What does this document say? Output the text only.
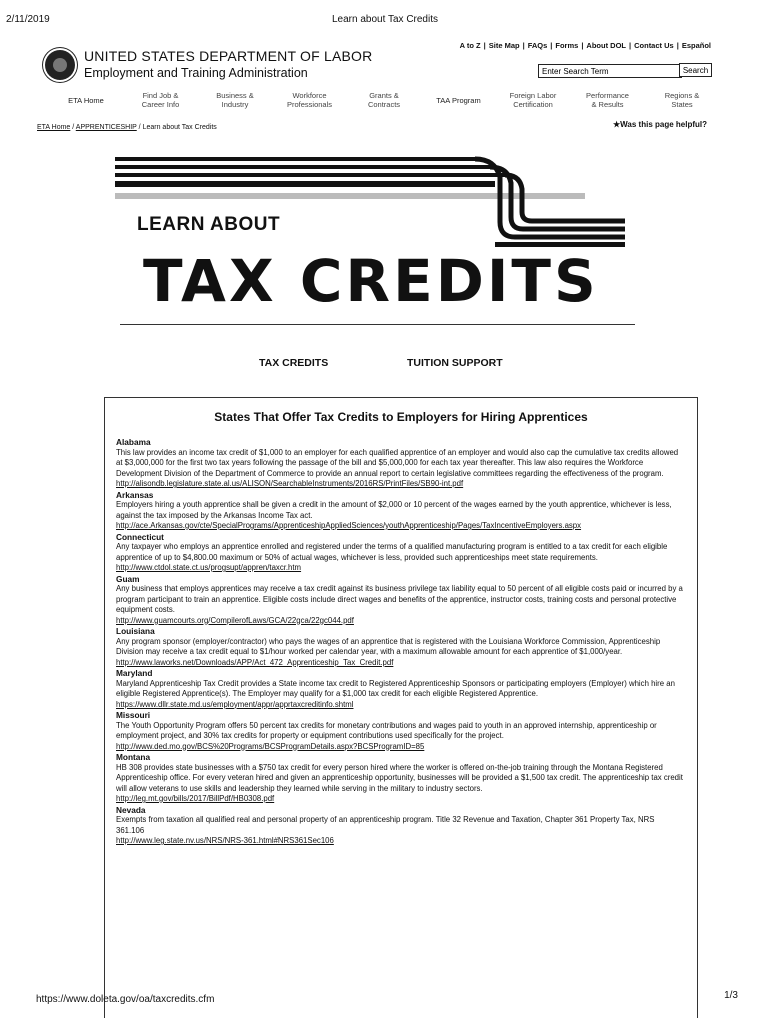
2/11/2019	Learn about Tax Credits
UNITED STATES DEPARTMENT OF LABOR
Employment and Training Administration
A to Z | Site Map | FAQs | Forms | About DOL | Contact Us | Español
Enter Search Term
Search
ETA Home
Find Job &
Career Info
Business &
Industry
Workforce
Professionals
Grants &
Contracts	TAA Program
Foreign Labor
Certification
Performance
& Results
Regions &
States
ETA Home / APPRENTICESHIP / Learn about Tax Credits	★Was this page helpful?
LEARN ABOUT
TAX CREDITS
TAX CREDITS	TUITION SUPPORT
States That Offer Tax Credits to Employers for Hiring Apprentices
Alabama
This law provides an income tax credit of $1,000 to an employer for each qualified apprentice of an employer and would also cap the cumulative tax credits allowed at $3,000,000 for the first two tax years following the passage of the bill and $5,000,000 for each tax year thereafter. This law also requires the Workforce Development Division of the Department of Commerce to provide an annual report to certain legislative committees regarding the effectiveness of the program.
http://alisondb.legislature.state.al.us/ALISON/SearchableInstruments/2016RS/PrintFiles/SB90-int.pdf
Arkansas
Employers hiring a youth apprentice shall be given a credit in the amount of $2,000 or 10 percent of the wages earned by the youth apprentice, whichever is less, against the tax imposed by the Arkansas Income Tax act.
http://ace.Arkansas.gov/cte/SpecialPrograms/ApprenticeshipAppliedSciences/youthApprenticeship/Pages/TaxIncentiveEmployers.aspx
Connecticut
Any taxpayer who employs an apprentice enrolled and registered under the terms of a qualified manufacturing program is entitled to a tax credit for each eligible apprentice of up to $4,800.00 maximum or 50% of actual wages, whichever is less, provided such apprenticeships meet state requirements.
http://www.ctdol.state.ct.us/progsupt/appren/taxcr.htm
Guam
Any business that employs apprentices may receive a tax credit against its business privilege tax liability equal to 50 percent of all eligible costs paid or incurred by a program participant to train an apprentice. Eligible costs include direct wages and benefits of the apprentice, instructor costs, training costs and personal protective equipment costs.
http://www.guamcourts.org/CompilerofLaws/GCA/22gca/22gc044.pdf
Louisiana
Any program sponsor (employer/contractor) who pays the wages of an apprentice that is registered with the Louisiana Workforce Commission, Apprenticeship Division may receive a tax credit equal to $1/hour worked per calendar year, with a maximum allowable amount for each apprentice of $1,000/year.
http://www.laworks.net/Downloads/APP/Act_472_Apprenticeship_Tax_Credit.pdf
Maryland
Maryland Apprenticeship Tax Credit provides a State income tax credit to Registered Apprenticeship Sponsors or participating employers (Employer) which hire an eligible Registered Apprentice(s). The Employer may qualify for a $1,000 tax credit for each eligible Registered Apprentice.
https://www.dllr.state.md.us/employment/appr/apprtaxcreditinfo.shtml
Missouri
The Youth Opportunity Program offers 50 percent tax credits for monetary contributions and wages paid to youth in an approved internship, apprenticeship or employment project, and 30% tax credits for property or equipment contributions used specifically for the project.
http://www.ded.mo.gov/BCS%20Programs/BCSProgramDetails.aspx?BCSProgramID=85
Montana
HB 308 provides state businesses with a $750 tax credit for every person hired where the worker is offered on-the-job training through the Montana Registered Apprenticeship office. For every veteran hired and given an apprenticeship opportunity, businesses will be provided a $1,500 tax credit. The apprenticeship tax credit will allow veterans to use skills and leadership they learned while serving in the military to industry sectors.
http://leg.mt.gov/bills/2017/BillPdf/HB0308.pdf
Nevada
Exempts from taxation all qualified real and personal property of an apprenticeship program. Title 32 Revenue and Taxation, Chapter 361 Property Tax, NRS 361.106
http://www.leg.state.nv.us/NRS/NRS-361.html#NRS361Sec106
https://www.doleta.gov/oa/taxcredits.cfm	1/3
